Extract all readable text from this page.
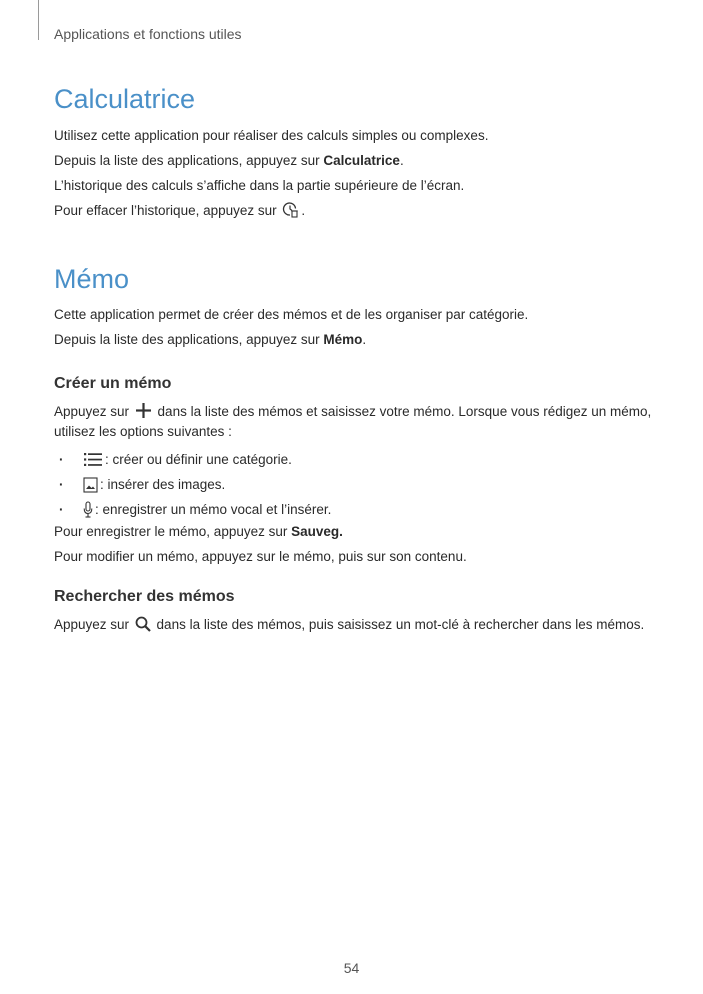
Applications et fonctions utiles
Calculatrice

Utilisez cette application pour réaliser des calculs simples ou complexes.

Depuis la liste des applications, appuyez sur Calculatrice.

L’historique des calculs s’affiche dans la partie supérieure de l’écran.

Pour effacer l’historique, appuyez sur
.

Mémo

Cette application permet de créer des mémos et de les organiser par catégorie.

Depuis la liste des applications, appuyez sur Mémo.

Créer un mémo

Appuyez sur
dans la liste des mémos et saisissez votre mémo. Lorsque vous rédigez un mémo,

utilisez les options suivantes :

·	: créer ou définir une catégorie.
·	: insérer des images.
· : enregistrer un mémo vocal et l’insérer.

Pour enregistrer le mémo, appuyez sur Sauveg.

Pour modifier un mémo, appuyez sur le mémo, puis sur son contenu.

Rechercher des mémos

Appuyez sur
dans la liste des mémos, puis saisissez un mot-clé à rechercher dans les mémos.

54
